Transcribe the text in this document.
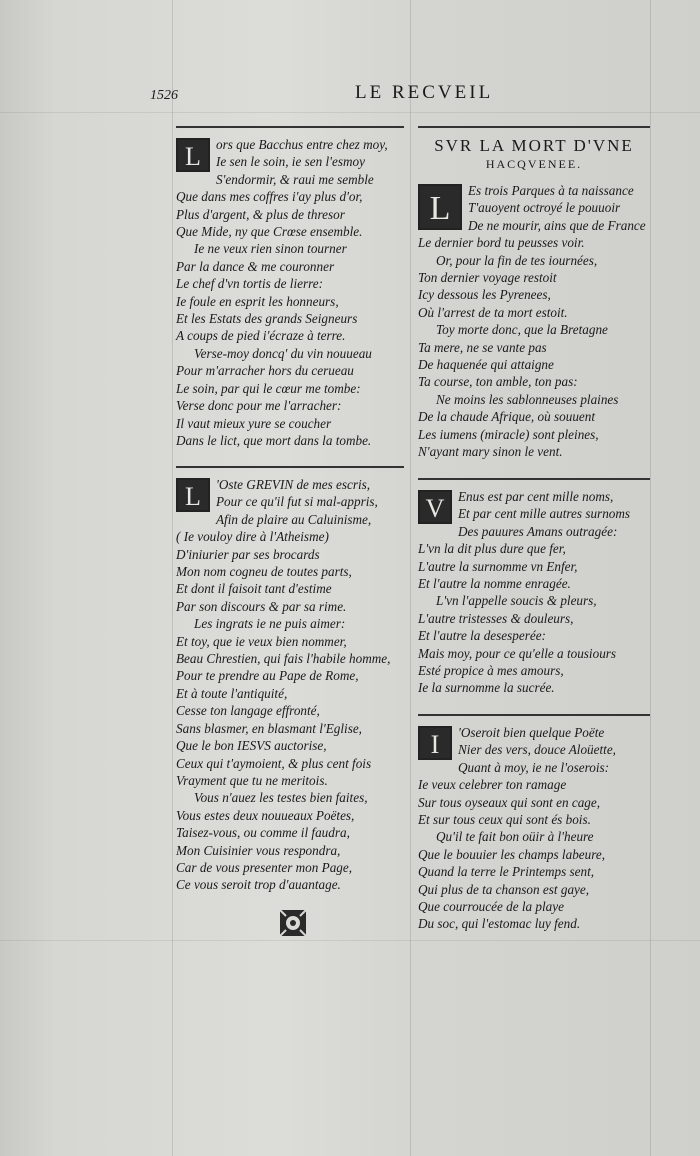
1526	LE RECVEIL
L	ors que Bacchus entre chez moy,
Ie sen le soin, ie sen l'esmoy
S'endormir, & rauі me semble
Que dans mes coffres i'ay plus d'or,
Plus d'argent, & plus de thresor
Que Mide, ny que Crœse ensemble.
Ie ne veux rien sinon tourner
Par la dance & me couronner
Le chef d'vn tortis de lierre:
Ie foule en esprit les honneurs,
Et les Estats des grands Seigneurs
A coups de pied i'écraze à terre.
Verse-moy doncq' du vin nouueau
Pour m'arracher hors du cerueau
Le soin, par qui le cœur me tombe:
Verse donc pour me l'arracher:
Il vaut mieux yure se coucher
Dans le lict, que mort dans la tombe.
L	'Oste GREVIN de mes escris,
Pour ce qu'il fut si mal-appris,
Afin de plaire au Caluinisme,
( Ie vouloy dire à l'Atheisme)
D'iniurier par ses brocards
Mon nom cogneu de toutes parts,
Et dont il faisoit tant d'estime
Par son discours & par sa rime.
Les ingrats ie ne puis aimer:
Et toy, que ie veux bien nommer,
Beau Chrestien, qui fais l'habile homme,
Pour te prendre au Pape de Rome,
Et à toute l'antiquité,
Cesse ton langage effronté,
Sans blasmer, en blasmant l'Eglise,
Que le bon IESVS auctorise,
Ceux qui t'aymoient, & plus cent fois
Vrayment que tu ne meritois.
Vous n'auez les testes bien faites,
Vous estes deux nouueaux Poëtes,
Taisez-vous, ou comme il faudra,
Mon Cuisinier vous respondra,
Car de vous presenter mon Page,
Ce vous seroit trop d'auantage.
SVR LA MORT D'VNE
HACQVENEE.
L	Es trois Parques à ta naissance
T'auoyent octroyé le pouuoir
De ne mourir, ains que de France
Le dernier bord tu peusses voir.
Or, pour la fin de tes iournées,
Ton dernier voyage restoit
Icy dessous les Pyrenees,
Où l'arrest de ta mort estoit.
Toy morte donc, que la Bretagne
Ta mere, ne se vante pas
De haquenée qui attaigne
Ta course, ton amble, ton pas:
Ne moins les sablonneuses plaines
De la chaude Afrique, où souuent
Les iumens (miracle) sont pleines,
N'ayant mary sinon le vent.
V	Enus est par cent mille noms,
Et par cent mille autres surnoms
Des pauures Amans outragée:
L'vn la dit plus dure que fer,
L'autre la surnomme vn Enfer,
Et l'autre la nomme enragée.
L'vn l'appelle soucis & pleurs,
L'autre tristesses & douleurs,
Et l'autre la desesperée:
Mais moy, pour ce qu'elle a tousiours
Esté propice à mes amours,
Ie la surnomme la sucrée.
I	'Oseroit bien quelque Poëte
Nier des vers, douce Aloüette,
Quant à moy, ie ne l'oserois:
Ie veux celebrer ton ramage
Sur tous oyseaux qui sont en cage,
Et sur tous ceux qui sont és bois.
Qu'il te fait bon oüir à l'heure
Que le bouuier les champs labeure,
Quand la terre le Printemps sent,
Qui plus de ta chanson est gaye,
Que courroucée de la playe
Du soc, qui l'estomac luy fend.
